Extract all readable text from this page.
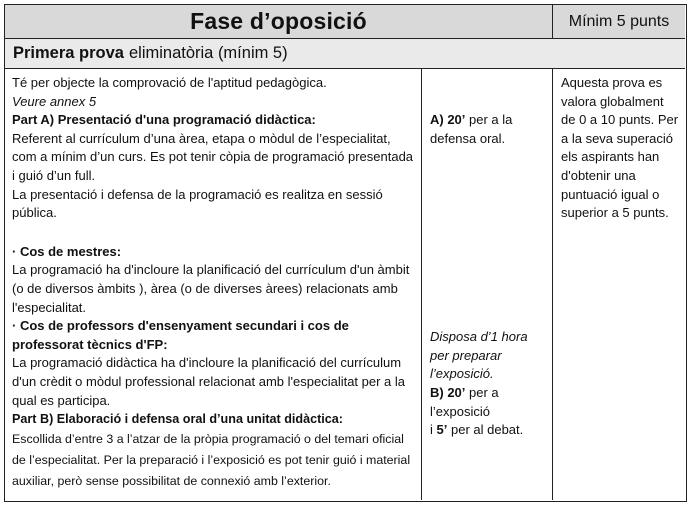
Fase d’oposició	Mínim 5 punts
Primera prova eliminatòria (mínim 5)

Té per objecte la comprovació de l'aptitud pedagògica.

Veure annex 5

Part A) Presentació d'una programació didàctica:

Referent al currículum d’una àrea, etapa o mòdul de l’especialitat, com a mínim d’un curs. Es pot tenir còpia de programació presentada i guió d’un full.

La presentació i defensa de la programació es realitza en sessió pública.

· Cos de mestres:

La programació ha d'incloure la planificació del currículum d'un àmbit (o de diversos àmbits ), àrea (o de diverses àrees) relacionats amb l'especialitat.

· Cos de professors d'ensenyament secundari i cos de professorat tècnics d'FP:

La programació didàctica ha d'incloure la planificació del currículum d'un crèdit o mòdul professional relacionat amb l'especialitat per a la qual es participa.

Part B) Elaboració i defensa oral d’una unitat didàctica:

Escollida d’entre 3 a l’atzar de la pròpia programació o del temari oficial de l’especialitat. Per la preparació i l’exposició es pot tenir guió i material auxiliar, però sense possibilitat de connexió amb l’exterior.

A) 20’ per a la defensa oral.

Disposa d’1 hora per preparar l’exposició.

B) 20’ per a l’exposició

i 5’ per al debat.

Aquesta prova es valora globalment de 0 a 10 punts. Per a la seva superació els aspirants han d'obtenir una puntuació igual o superior a 5 punts.
